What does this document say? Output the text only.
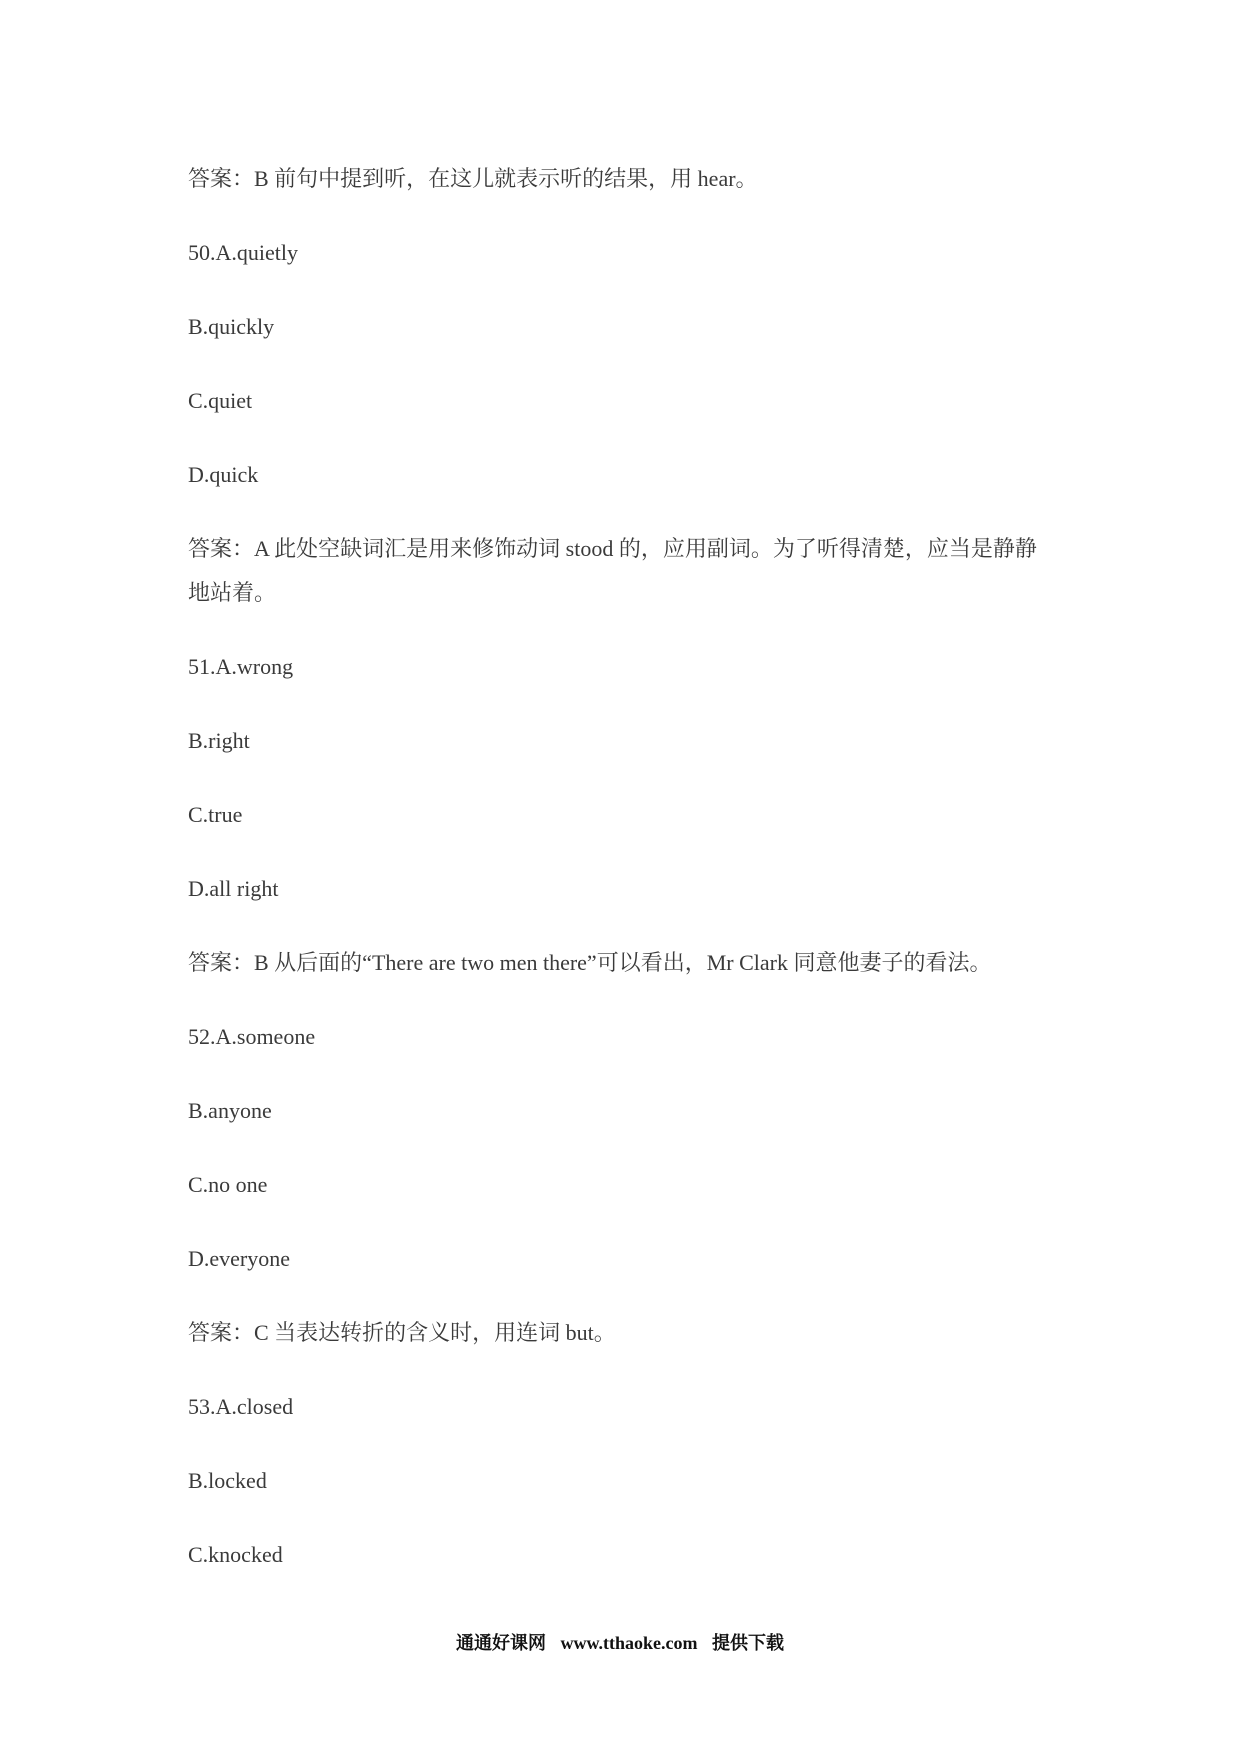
答案：B 前句中提到听，在这儿就表示听的结果，用 hear。
50.A.quietly
B.quickly
C.quiet
D.quick
答案：A 此处空缺词汇是用来修饰动词 stood 的，应用副词。为了听得清楚，应当是静静地站着。
51.A.wrong
B.right
C.true
D.all right
答案：B 从后面的“There are two men there”可以看出，Mr Clark 同意他妻子的看法。
52.A.someone
B.anyone
C.no one
D.everyone
答案：C 当表达转折的含义时，用连词 but。
53.A.closed
B.locked
C.knocked
通通好课网 www.tthaoke.com 提供下载
